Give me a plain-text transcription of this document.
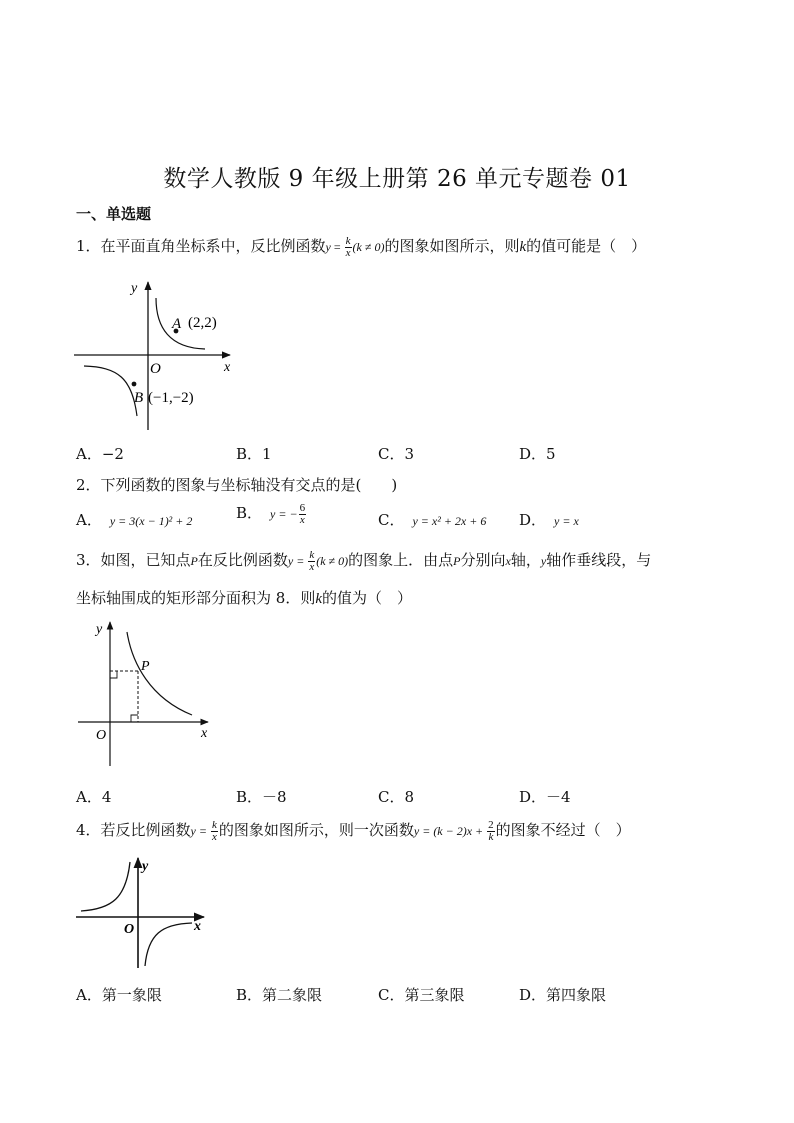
数学人教版 9 年级上册第 26 单元专题卷 01
一、单选题
1．在平面直角坐标系中，反比例函数$y = \frac{k}{x} (k \ne 0)$的图象如图所示，则k的值可能是（　）
y
x
O
A (2,2)
B (−1,−2)
A．−2	B．1	C．3	D．5
2．下列函数的图象与坐标轴没有交点的是(　　)
A． y = 3(x − 1)² + 2	B． y = − $\frac{6}{x}$	C． y = x² + 2x + 6 D． y = x
3．如图，已知点P在反比例函数$y = \frac{k}{x} (k \ne 0)$的图象上．由点P分别向x轴，y轴作垂线段，与
坐标轴围成的矩形部分面积为 8．则k的值为（　）
y
x
O
P
A．4	B．－8	C．8	D．－4
4．若反比例函数$y = \frac{k}{x}$ 的图象如图所示，则一次函数$y = (k - 2)x + \frac{2}{k}$ 的图象不经过（　）
y
x
O
A．第一象限	B．第二象限	C．第三象限	D．第四象限
